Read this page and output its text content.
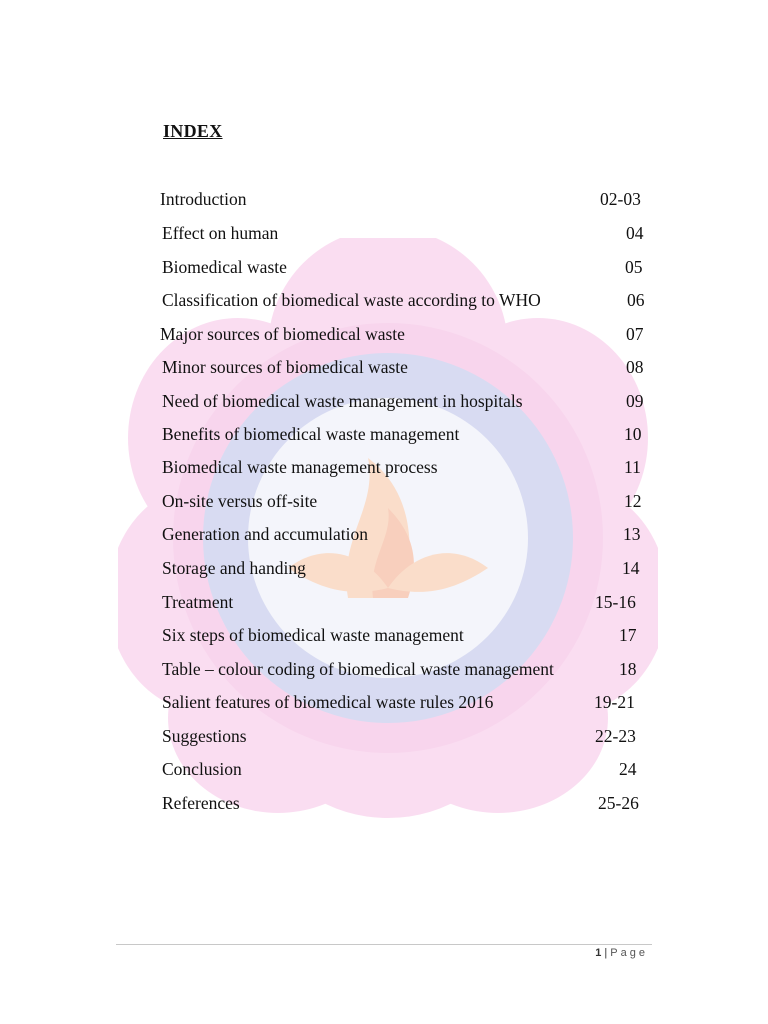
INDEX
Introduction	02-03
Effect on human	04
Biomedical waste	05
Classification of biomedical waste according to WHO	06
Major sources of biomedical waste	07
Minor sources of biomedical waste	08
Need of biomedical waste management in hospitals	09
Benefits of biomedical waste management	10
Biomedical waste management process	11
On-site versus off-site	12
Generation and accumulation	13
Storage and handing	14
Treatment	15-16
Six steps of biomedical waste management	17
Table – colour coding of biomedical waste management	18
Salient features of biomedical waste rules 2016	19-21
Suggestions	22-23
Conclusion	24
References	25-26
1 | Page
